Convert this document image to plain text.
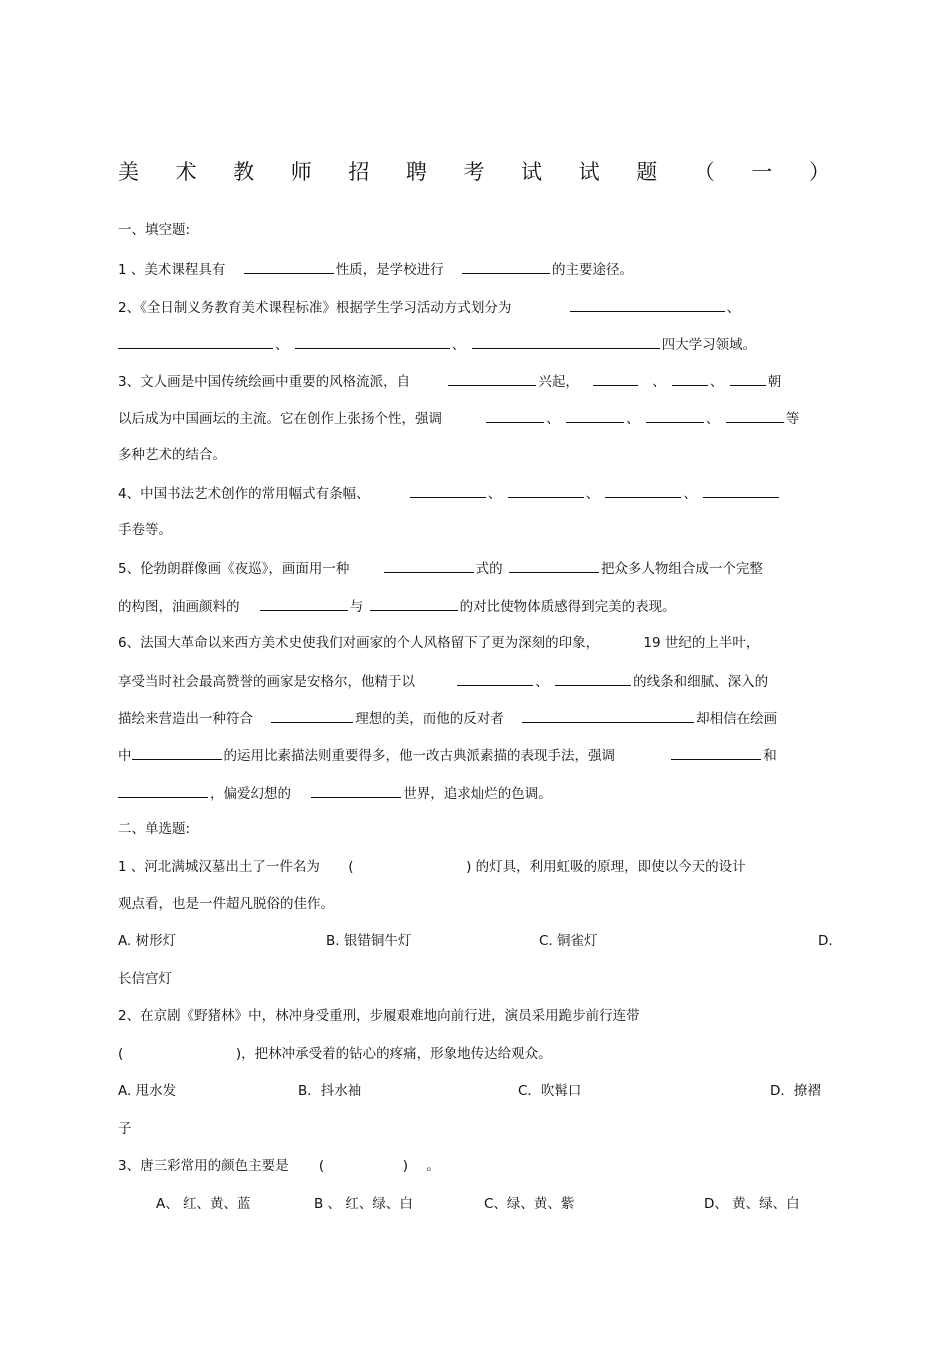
美 术 教 师 招 聘 考 试 试 题 （ 一 ）
一、填空题:
1 、美术课程具有	性质，是学校进行	的主要途径。
2、《全日制义务教育美术课程标准》根据学生学习活动方式划分为	、
、	、	四大学习领域。
3、文人画是中国传统绘画中重要的风格流派，自	兴起，	、	、	朝
以后成为中国画坛的主流。它在创作上张扬个性，强调	、	、	、	等
多种艺术的结合。
4、中国书法艺术创作的常用幅式有条幅、	、	、	、
手卷等。
5、伦勃朗群像画《夜巡》，画面用一种	式的	把众多人物组合成一个完整
的构图，油画颜料的	与	的对比使物体质感得到完美的表现。
6、法国大革命以来西方美术史使我们对画家的个人风格留下了更为深刻的印象，	19 世纪的上半叶，
享受当时社会最高赞誉的画家是安格尔，他精于以	、	的线条和细腻、深入的
描绘来营造出一种符合	理想的美，而他的反对者	却相信在绘画
中	的运用比素描法则重要得多，他一改古典派素描的表现手法，强调	和
，偏爱幻想的	世界，追求灿烂的色调。
二、单选题:
1 、河北满城汉墓出土了一件名为 (	) 的灯具，利用虹吸的原理，即使以今天的设计
观点看，也是一件超凡脱俗的佳作。
A. 树形灯	B. 银错铜牛灯	C. 铜雀灯	D.
长信宫灯
2、在京剧《野猪林》中，林冲身受重刑，步履艰难地向前行进，演员采用跪步前行连带
(	)，把林冲承受着的钻心的疼痛，形象地传达给观众。
A. 甩水发	B．抖水袖	C．吹髯口	D．撩褶
子
3、唐三彩常用的颜色主要是 (	) 。
A、 红、黄、蓝	B 、 红、绿、白	C、绿、黄、紫	D、 黄、绿、白
